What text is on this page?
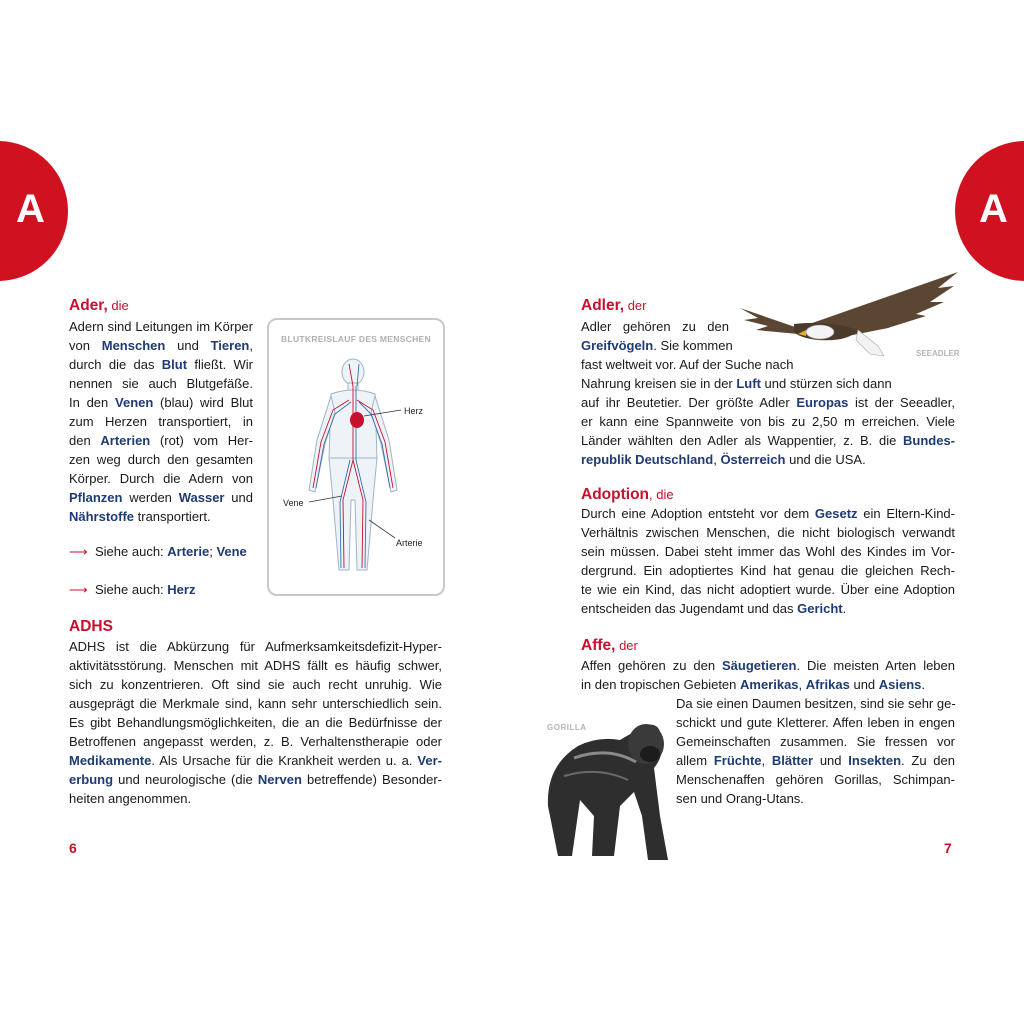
A	A
Ader, die
Adern sind Leitungen im Körper
von Menschen und Tieren,
durch die das Blut fließt. Wir
nennen sie auch Blutgefäße.
In den Venen (blau) wird Blut
zum Herzen transportiert, in
den Arterien (rot) vom Her-
zen weg durch den gesamten
Körper. Durch die Adern von
Pflanzen werden Wasser und
Nährstoffe transportiert.
⟶ Siehe auch: Arterie; Vene
⟶ Siehe auch: Herz
BLUTKREISLAUF DES MENSCHEN
Herz
Vene
Arterie
ADHS
ADHS ist die Abkürzung für Aufmerksamkeitsdefizit-Hyper-
aktivitätsstörung. Menschen mit ADHS fällt es häufig schwer,
sich zu konzentrieren. Oft sind sie auch recht unruhig. Wie
ausgeprägt die Merkmale sind, kann sehr unterschiedlich sein.
Es gibt Behandlungsmöglichkeiten, die an die Bedürfnisse der
Betroffenen angepasst werden, z. B. Verhaltenstherapie oder
Medikamente. Als Ursache für die Krankheit werden u. a. Ver-
erbung und neurologische (die Nerven betreffende) Besonder-
heiten angenommen.
6
Adler, der
SEEADLER
Adler gehören zu den
Greifvögeln. Sie kommen
fast weltweit vor. Auf der Suche nach
Nahrung kreisen sie in der Luft und stürzen sich dann
auf ihr Beutetier. Der größte Adler Europas ist der Seeadler,
er kann eine Spannweite von bis zu 2,50 m erreichen. Viele
Länder wählten den Adler als Wappentier, z. B. die Bundes-
republik Deutschland, Österreich und die USA.
Adoption, die
Durch eine Adoption entsteht vor dem Gesetz ein Eltern-Kind-
Verhältnis zwischen Menschen, die nicht biologisch verwandt
sein müssen. Dabei steht immer das Wohl des Kindes im Vor-
dergrund. Ein adoptiertes Kind hat genau die gleichen Rech-
te wie ein Kind, das nicht adoptiert wurde. Über eine Adoption
entscheiden das Jugendamt und das Gericht.
Affe, der
Affen gehören zu den Säugetieren. Die meisten Arten leben
in den tropischen Gebieten Amerikas, Afrikas und Asiens.
Da sie einen Daumen besitzen, sind sie sehr ge-
schickt und gute Kletterer. Affen leben in engen
Gemeinschaften zusammen. Sie fressen vor
allem Früchte, Blätter und Insekten. Zu den
Menschenaffen gehören Gorillas, Schimpan-
sen und Orang-Utans.
GORILLA
7
